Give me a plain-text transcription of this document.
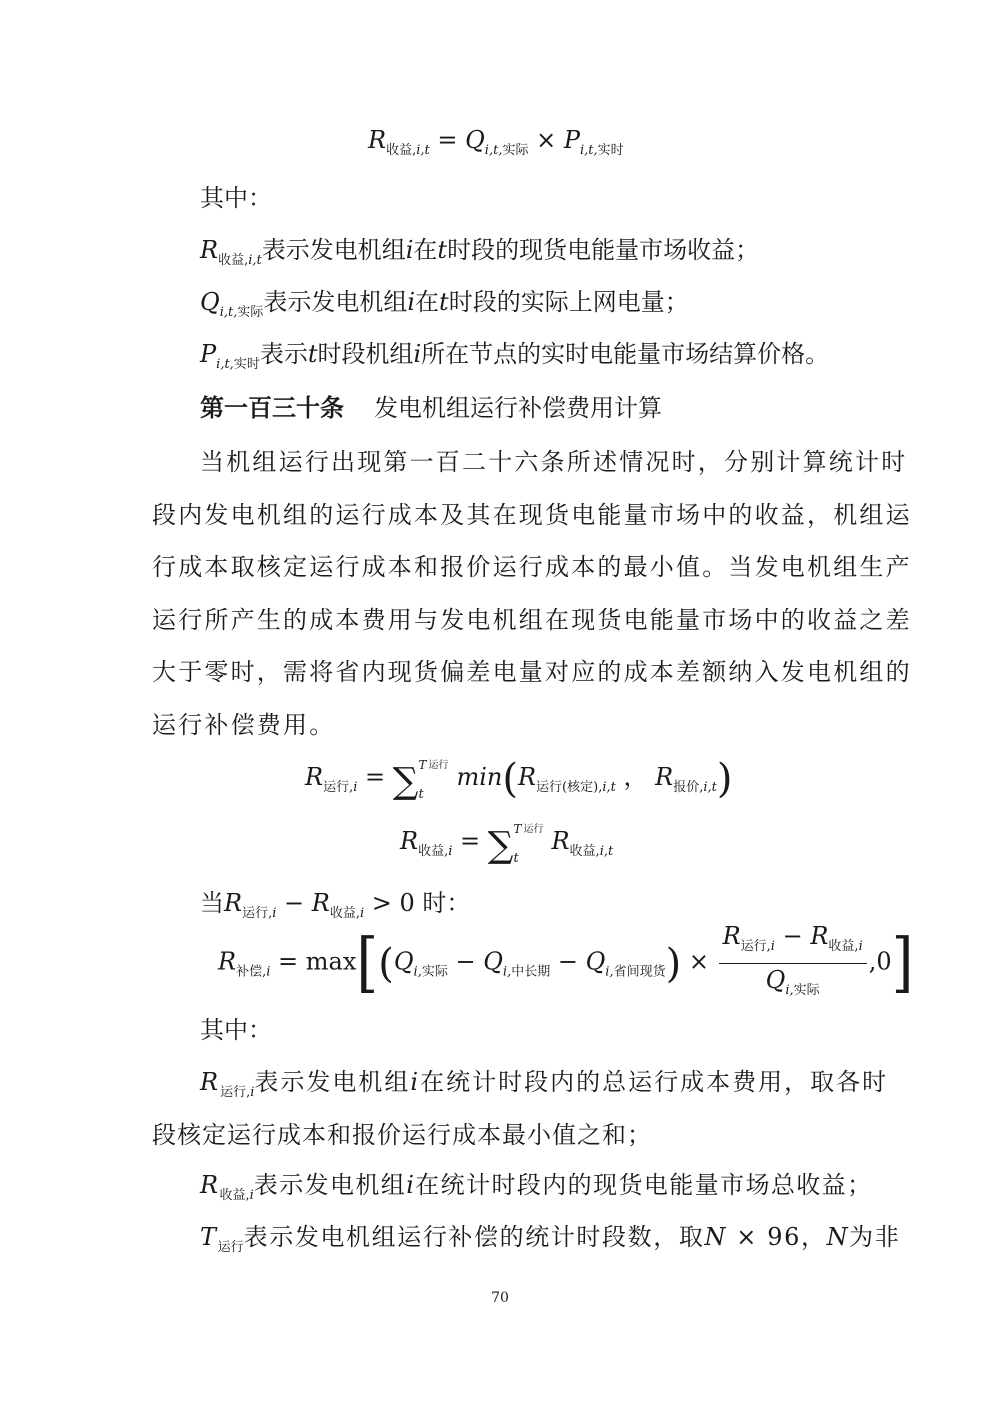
$R_{收益,i,t} = Q_{i,t,实际} \times P_{i,t,实时}$
其中：
$R_{收益,i,t}$表示发电机组i在t时段的现货电能量市场收益；
$Q_{i,t,实际}$表示发电机组i在t时段的实际上网电量；
$P_{i,t,实时}$表示t时段机组i所在节点的实时电能量市场结算价格。
第一百三十条 发电机组运行补偿费用计算
当机组运行出现第一百二十六条所述情况时，分别计算统计时
段内发电机组的运行成本及其在现货电能量市场中的收益，机组运
行成本取核定运行成本和报价运行成本的最小值。当发电机组生产
运行所产生的成本费用与发电机组在现货电能量市场中的收益之差
大于零时，需将省内现货偏差电量对应的成本差额纳入发电机组的
运行补偿费用。
$R_{运行,i}$ = ∑ T 运行
t
$\min(R_{运行(核定),i,t}$ ， $R_{报价,i,t}$)
$R_{收益,i}$ = ∑ T 运行
t
$R_{收益,i,t}$
当$R_{运行,i} - R_{收益,i} > 0$ 时：
$R_{补偿,i} = \max[(Q_{i,实际} - Q_{i,中长期} - Q_{i,省间现货}) \times \frac{R_{运行,i} - R_{收益,i}}{Q_{i,实际}} ,0]$
其中：
$R_{运行,i}$表示发电机组i在统计时段内的总运行成本费用，取各时
段核定运行成本和报价运行成本最小值之和；
$R_{收益,i}$表示发电机组i在统计时段内的现货电能量市场总收益；
$T_{运行}$表示发电机组运行补偿的统计时段数，取N × 96，N为非
70
